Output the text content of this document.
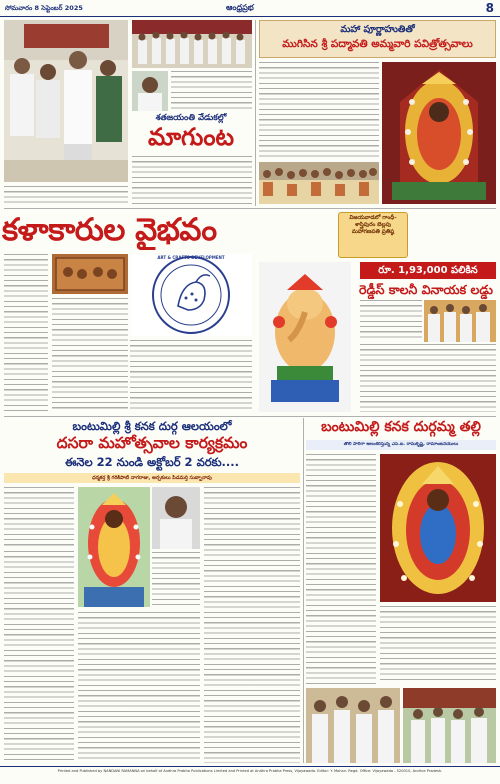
సోమవారం 8 సెప్టెంబర్ 2025	ఆంధ్రప్రభ	8
శతజయంతి వేడుకల్లో
మాగుంట
మహా పూర్ణాహుతితో
ముగిసిన శ్రీ పద్మావతి అమ్మవారి పవిత్రోత్సవాలు
కళాకారుల వైభవం
ART & CRAFTS DEVELOPMENT
విజయవాడలో గాంధీ-శాస్త్రిపురం బెల్లపు మహాగణపతి ప్రతిష్ఠ
రూ. 1,93,000 పలికిన
రెడ్డీస్ కాలనీ వినాయక లడ్డు
బంటుమిల్లి శ్రీ కనక దుర్గ ఆలయంలో
దసరా మహోత్సవాల కార్యక్రమం
ఈనెల 22 నుండి అక్టోబర్ 2 వరకు....
ధర్మకర్త శ్రీ గరికిపాటి నాగరాజు, అర్చకులు పిడమర్తి సుబ్బారావు
బంటుమిల్లి కనక దుర్గమ్మ తల్లి
తొలి సారిగా అలంకరిస్తున్న ఎస్.ఐ. రామకృష్ణ, రామాంజనేయులు
Printed and Published by NANDANI RAMANNA on behalf of Andhra Prabha Publications Limited and Printed at Andhra Prabha Press, Vijayawada. Editor: Y. Mohan. Regd. Office: Vijayawada - 520010, Andhra Pradesh.
